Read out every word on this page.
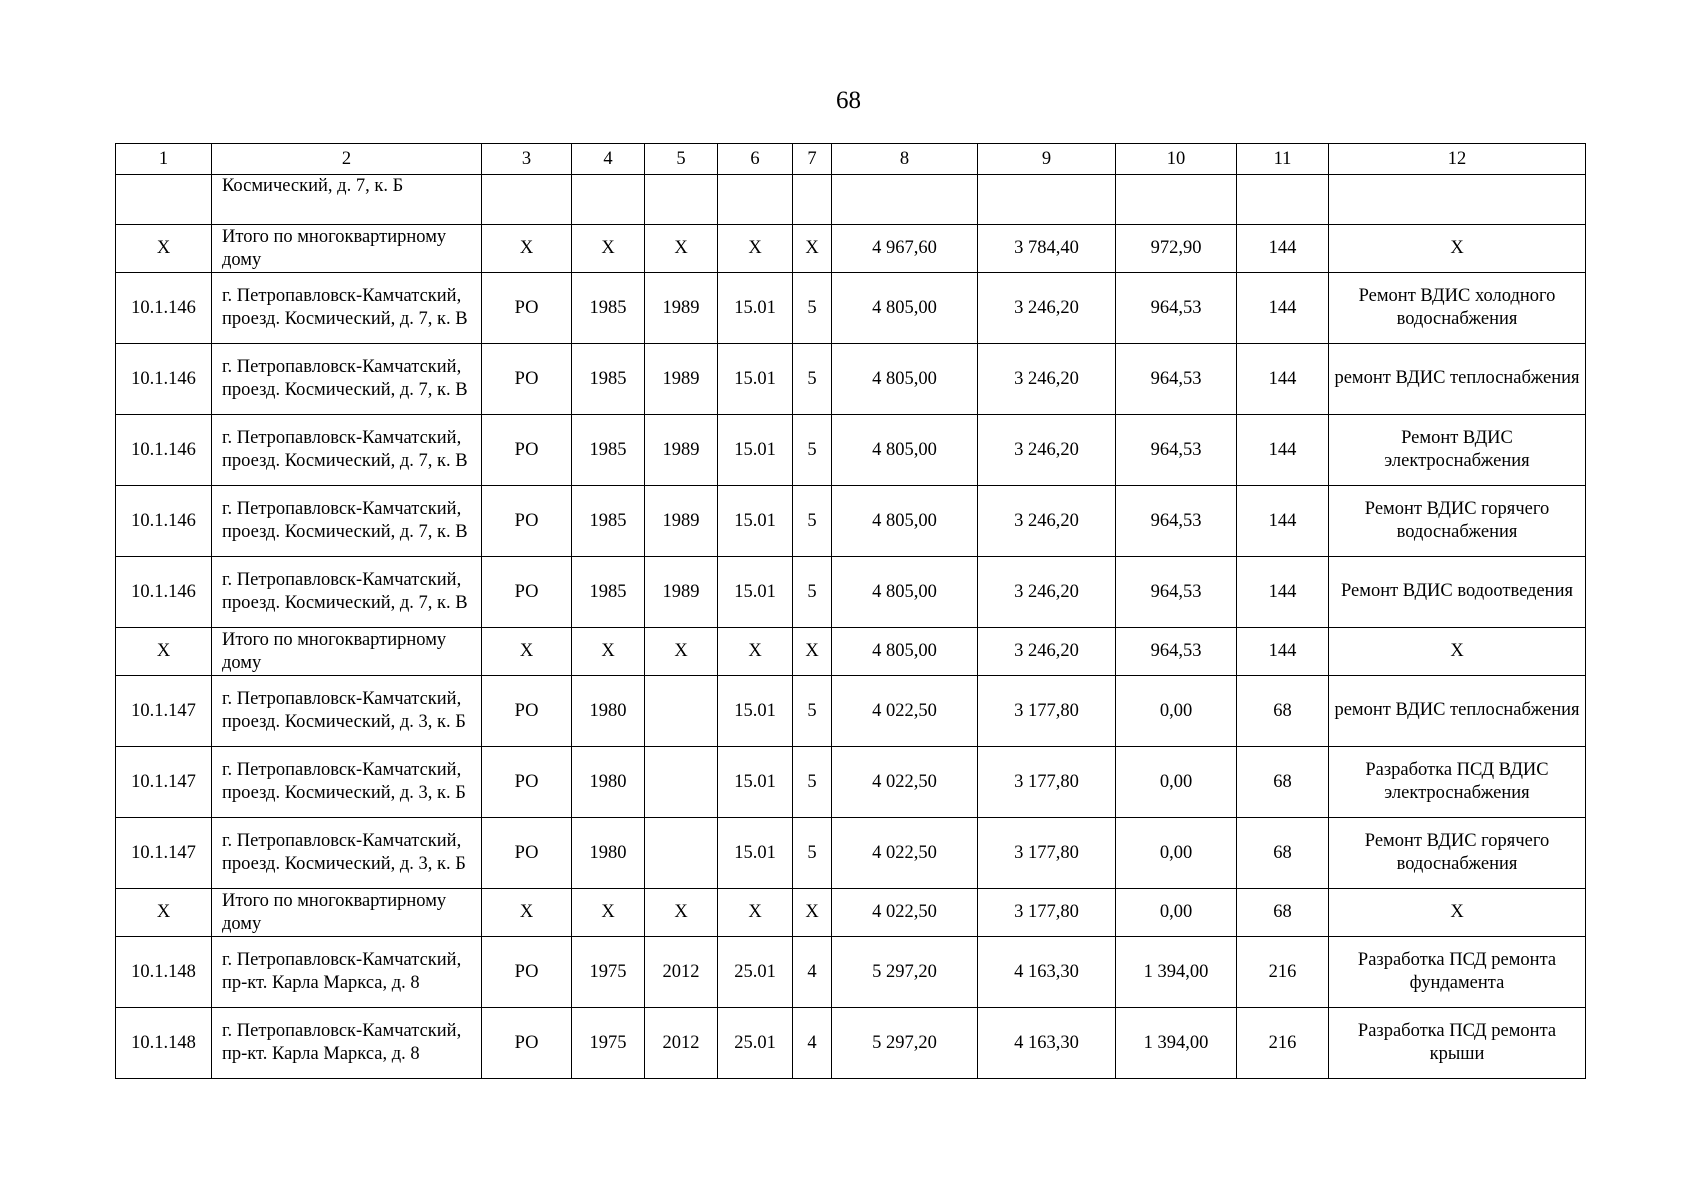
68
1	2	3	4	5	6	7	8	9	10	11	12
	Космический, д. 7, к. Б										
X	Итого по многоквартирному дому	X	X	X	X	X	4 967,60	3 784,40	972,90	144	X
10.1.146	г. Петропавловск-Камчатский, проезд. Космический, д. 7, к. В	РО	1985	1989	15.01	5	4 805,00	3 246,20	964,53	144	Ремонт ВДИС холодного водоснабжения
10.1.146	г. Петропавловск-Камчатский, проезд. Космический, д. 7, к. В	РО	1985	1989	15.01	5	4 805,00	3 246,20	964,53	144	ремонт ВДИС теплоснабжения
10.1.146	г. Петропавловск-Камчатский, проезд. Космический, д. 7, к. В	РО	1985	1989	15.01	5	4 805,00	3 246,20	964,53	144	Ремонт ВДИС электроснабжения
10.1.146	г. Петропавловск-Камчатский, проезд. Космический, д. 7, к. В	РО	1985	1989	15.01	5	4 805,00	3 246,20	964,53	144	Ремонт ВДИС горячего водоснабжения
10.1.146	г. Петропавловск-Камчатский, проезд. Космический, д. 7, к. В	РО	1985	1989	15.01	5	4 805,00	3 246,20	964,53	144	Ремонт ВДИС водоотведения
X	Итого по многоквартирному дому	X	X	X	X	X	4 805,00	3 246,20	964,53	144	X
10.1.147	г. Петропавловск-Камчатский, проезд. Космический, д. 3, к. Б	РО	1980		15.01	5	4 022,50	3 177,80	0,00	68	ремонт ВДИС теплоснабжения
10.1.147	г. Петропавловск-Камчатский, проезд. Космический, д. 3, к. Б	РО	1980		15.01	5	4 022,50	3 177,80	0,00	68	Разработка ПСД ВДИС электроснабжения
10.1.147	г. Петропавловск-Камчатский, проезд. Космический, д. 3, к. Б	РО	1980		15.01	5	4 022,50	3 177,80	0,00	68	Ремонт ВДИС горячего водоснабжения
X	Итого по многоквартирному дому	X	X	X	X	X	4 022,50	3 177,80	0,00	68	X
10.1.148	г. Петропавловск-Камчатский, пр-кт. Карла Маркса, д. 8	РО	1975	2012	25.01	4	5 297,20	4 163,30	1 394,00	216	Разработка ПСД ремонта фундамента
10.1.148	г. Петропавловск-Камчатский, пр-кт. Карла Маркса, д. 8	РО	1975	2012	25.01	4	5 297,20	4 163,30	1 394,00	216	Разработка ПСД ремонта крыши
